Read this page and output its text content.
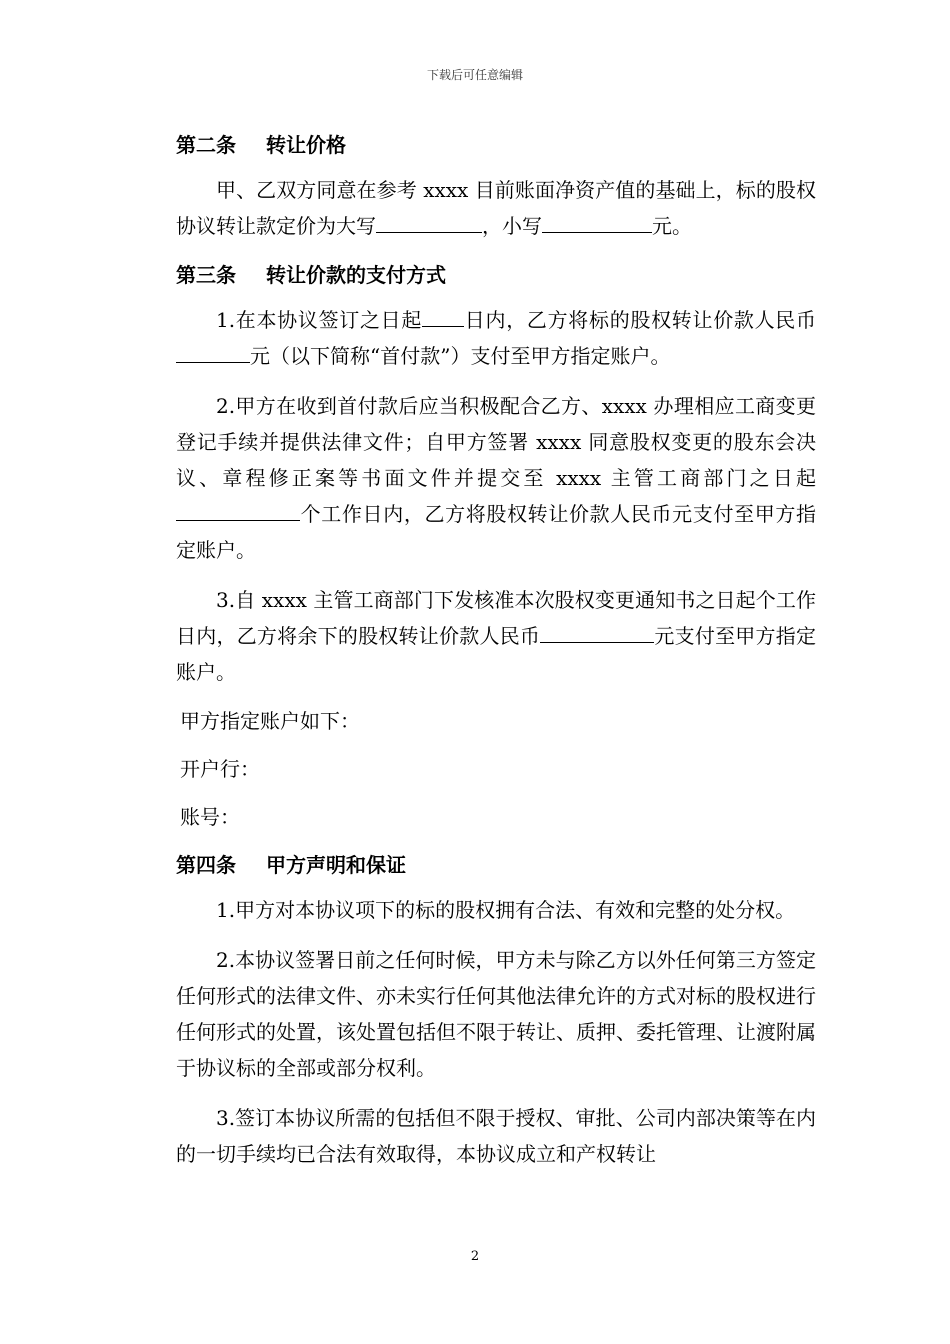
下载后可任意编辑
第二条 转让价格
甲、乙双方同意在参考 xxxx 目前账面净资产值的基础上，标的股权协议转让款定价为大写	，小写	元。
第三条 转让价款的支付方式
1.在本协议签订之日起 日内，乙方将标的股权转让价款人民币元（以下简称“首付款”）支付至甲方指定账户。
2.甲方在收到首付款后应当积极配合乙方、xxxx 办理相应工商变更登记手续并提供法律文件；自甲方签署 xxxx 同意股权变更的股东会决议、章程修正案等书面文件并提交至 xxxx 主管工商部门之日起个工作日内，乙方将股权转让价款人民币元支付至甲方指定账户。
3.自 xxxx 主管工商部门下发核准本次股权变更通知书之日起个工作日内，乙方将余下的股权转让价款人民币	元支付至甲方指定账户。
甲方指定账户如下：
开户行：
账号：
第四条 甲方声明和保证
1.甲方对本协议项下的标的股权拥有合法、有效和完整的处分权。
2.本协议签署日前之任何时候，甲方未与除乙方以外任何第三方签定任何形式的法律文件、亦未实行任何其他法律允许的方式对标的股权进行任何形式的处置，该处置包括但不限于转让、质押、委托管理、让渡附属于协议标的全部或部分权利。
3.签订本协议所需的包括但不限于授权、审批、公司内部决策等在内的一切手续均已合法有效取得，本协议成立和产权转让
2
